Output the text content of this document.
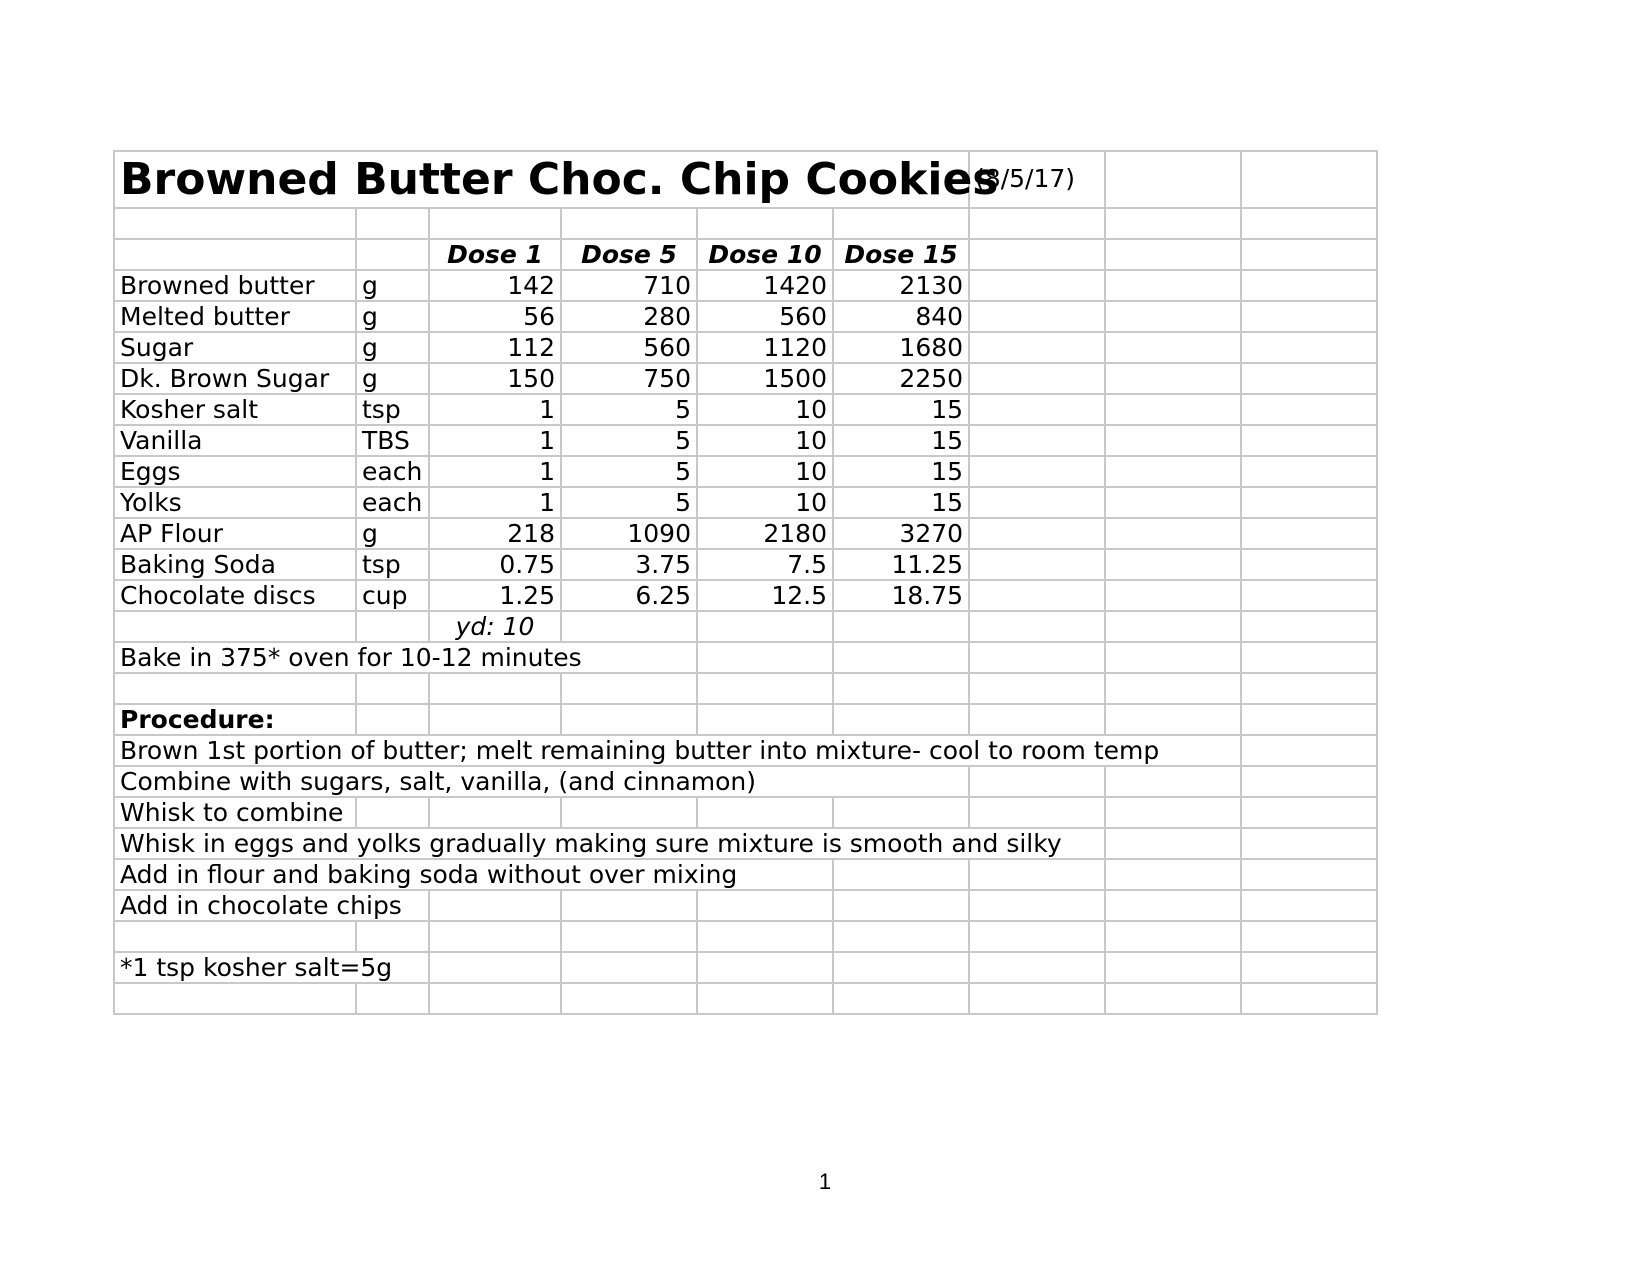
Browned Butter Choc. Chip Cookies						(8/5/17)		

		Dose 1	Dose 5	Dose 10	Dose 15			
Browned butter	g	142	710	1420	2130			
Melted butter	g	56	280	560	840			
Sugar	g	112	560	1120	1680			
Dk. Brown Sugar	g	150	750	1500	2250			
Kosher salt	tsp	1	5	10	15			
Vanilla	TBS	1	5	10	15			
Eggs	each	1	5	10	15			
Yolks	each	1	5	10	15			
AP Flour	g	218	1090	2180	3270			
Baking Soda	tsp	0.75	3.75	7.5	11.25			
Chocolate discs	cup	1.25	6.25	12.5	18.75			
		yd: 10						
Bake in 375* oven for 10-12 minutes								

Procedure:								
Brown 1st portion of butter; melt remaining butter into mixture- cool to room temp								
Combine with sugars, salt, vanilla, (and cinnamon)								
Whisk to combine								
Whisk in eggs and yolks gradually making sure mixture is smooth and silky								
Add in flour and baking soda without over mixing								
Add in chocolate chips								

*1 tsp kosher salt=5g								

1
